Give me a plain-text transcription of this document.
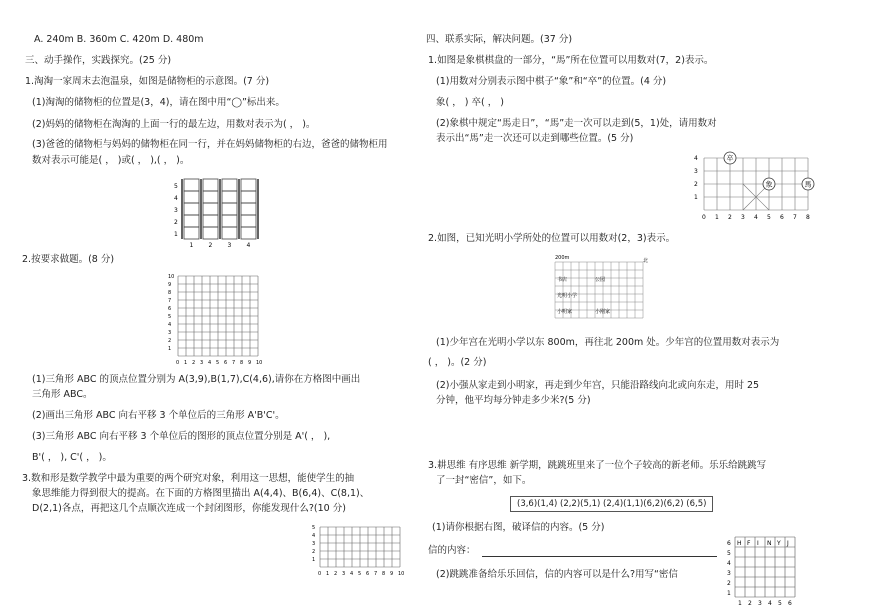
A. 240m B. 360m C. 420m D. 480m
三、动手操作，实践探究。(25 分)
1.淘淘一家周末去泡温泉，如图是储物柜的示意图。(7 分)
(1)淘淘的储物柜的位置是(3，4)，请在图中用“◯”标出来。
(2)妈妈的储物柜在淘淘的上面一行的最左边，用数对表示为( ， )。
(3)爸爸的储物柜与妈妈的储物柜在同一行，并在妈妈储物柜的右边，爸爸的储物柜用
数对表示可能是( ， )或( ， ),( ， )。
1
2
3
4
5
1	2	3	4
2.按要求做题。(8 分)
0 1
1
2
2
3
3
4
4
5
5
6
6
7
7
8
8
9
9
10
10
(1)三角形 ABC 的顶点位置分别为 A(3,9),B(1,7),C(4,6),请你在方格图中画出
三角形 ABC。
(2)画出三角形 ABC 向右平移 3 个单位后的三角形 A'B'C'。
(3)三角形 ABC 向右平移 3 个单位后的图形的顶点位置分别是 A'( ， ),
B'( ， ), C'( ， )。
3.数和形是数学教学中最为重要的两个研究对象，利用这一思想，能使学生的抽
象思维能力得到很大的提高。在下面的方格图里描出 A(4,4)、B(6,4)、C(8,1)、
D(2,1)各点，再把这几个点顺次连成一个封闭图形，你能发现什么?(10 分)
0 1 2 3 4 5 6 7 8 9 10
1
2
3
4
5
四、联系实际，解决问题。(37 分)
1.如图是象棋棋盘的一部分，“馬”所在位置可以用数对(7，2)表示。
(1)用数对分别表示图中棋子“象”和“卒”的位置。(4 分)
象( ， ) 卒( ， )
(2)象棋中规定“馬走日”，“馬”走一次可以走到(5，1)处，请用数对
表示出“馬”走一次还可以走到哪些位置。(5 分)
0 1 2 3 4 5 6 7 8
1
2
3
4	卒
象	馬
2.如图，已知光明小学所处的位置可以用数对(2，3)表示。
200m	北
书店	公园
光明小学
小明家	小刚家
(1)少年宫在光明小学以东 800m，再往北 200m 处。少年宫的位置用数对表示为
( ， )。(2 分)
(2)小强从家走到小明家，再走到少年宫，只能沿路线向北或向东走，用时 25
分钟，他平均每分钟走多少米?(5 分)
3.耕思维 有序思维 新学期，跳跳班里来了一位个子较高的新老师。乐乐给跳跳写
了一封“密信”，如下。
(3,6)(1,4) (2,2)(5,1) (2,4)(1,1)(6,2)(6,2) (6,5)
(1)请你根据右图，破译信的内容。(5 分)
信的内容：
(2)跳跳准备给乐乐回信，信的内容可以是什么?用写“密信
H F I N Y J
6
5
4
3
2
1
1 2 3 4 5 6
